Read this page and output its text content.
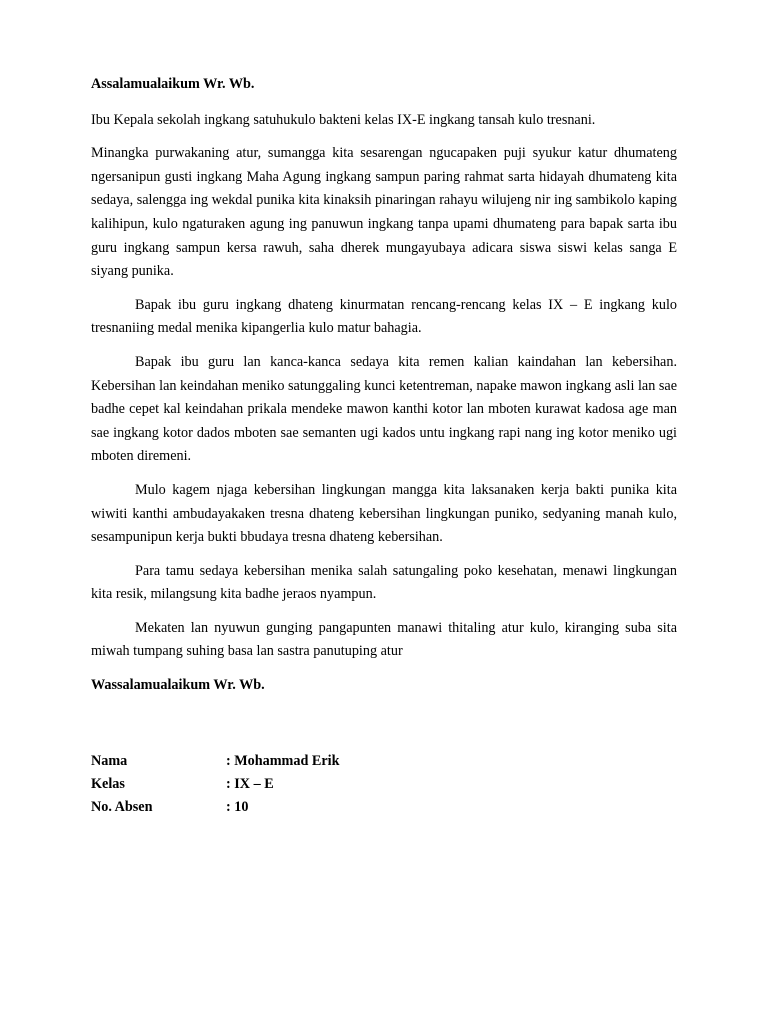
Assalamualaikum Wr. Wb.

Ibu Kepala sekolah ingkang satuhukulo bakteni kelas IX-E ingkang tansah kulo tresnani.

Minangka purwakaning atur, sumangga kita sesarengan ngucapaken puji syukur katur dhumateng ngersanipun gusti ingkang Maha Agung ingkang sampun paring rahmat sarta hidayah dhumateng kita sedaya, salengga ing wekdal punika kita kinaksih pinaringan rahayu wilujeng nir ing sambikolo kaping kalihipun, kulo ngaturaken agung ing panuwun ingkang tanpa upami dhumateng para bapak sarta ibu guru ingkang sampun kersa rawuh, saha dherek mungayubaya adicara siswa siswi kelas sanga E siyang punika.

Bapak ibu guru ingkang dhateng kinurmatan rencang-rencang kelas IX – E ingkang kulo tresnaniing medal menika kipangerlia kulo matur bahagia.

Bapak ibu guru lan kanca-kanca sedaya kita remen kalian kaindahan lan kebersihan. Kebersihan lan keindahan meniko satunggaling kunci ketentreman, napake mawon ingkang asli lan sae badhe cepet kal keindahan prikala mendeke mawon kanthi kotor lan mboten kurawat kadosa age man sae ingkang kotor dados mboten sae semanten ugi kados untu ingkang rapi nang ing kotor meniko ugi mboten diremeni.

Mulo kagem njaga kebersihan lingkungan mangga kita laksanaken kerja bakti punika kita wiwiti kanthi ambudayakaken tresna dhateng kebersihan lingkungan puniko, sedyaning manah kulo, sesampunipun kerja bukti bbudaya tresna dhateng kebersihan.

Para tamu sedaya kebersihan menika salah satungaling poko kesehatan, menawi lingkungan kita resik, milangsung kita badhe jeraos nyampun.

Mekaten lan nyuwun gunging pangapunten manawi thitaling atur kulo, kiranging suba sita miwah tumpang suhing basa lan sastra panutuping atur

Wassalamualaikum Wr. Wb.

Nama	: Mohammad Erik
Kelas	: IX – E
No. Absen	: 10
